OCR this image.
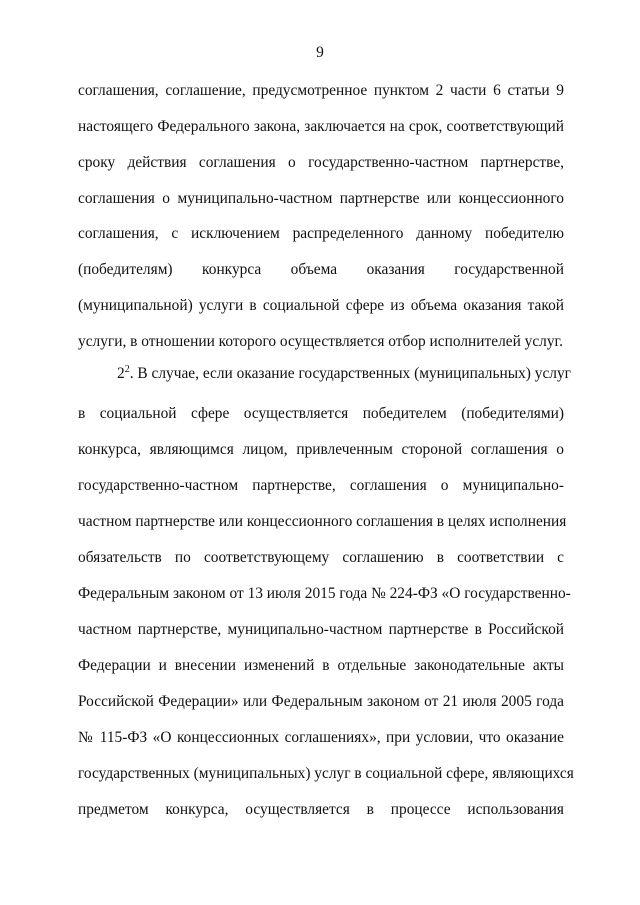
9
соглашения, соглашение, предусмотренное пунктом 2 части 6 статьи 9
настоящего Федерального закона, заключается на срок, соответствующий
сроку действия соглашения о государственно-частном партнерстве,
соглашения о муниципально-частном партнерстве или концессионного
соглашения, с исключением распределенного данному победителю
(победителям) конкурса объема оказания государственной
(муниципальной) услуги в социальной сфере из объема оказания такой
услуги, в отношении которого осуществляется отбор исполнителей услуг.
$2^2$. В случае, если оказание государственных (муниципальных) услуг
в социальной сфере осуществляется победителем (победителями)
конкурса, являющимся лицом, привлеченным стороной соглашения о
государственно-частном партнерстве, соглашения о муниципально-
частном партнерстве или концессионного соглашения в целях исполнения
обязательств по соответствующему соглашению в соответствии с
Федеральным законом от 13 июля 2015 года № 224-ФЗ «О государственно-
частном партнерстве, муниципально-частном партнерстве в Российской
Федерации и внесении изменений в отдельные законодательные акты
Российской Федерации» или Федеральным законом от 21 июля 2005 года
№ 115-ФЗ «О концессионных соглашениях», при условии, что оказание
государственных (муниципальных) услуг в социальной сфере, являющихся
предметом конкурса, осуществляется в процессе использования
